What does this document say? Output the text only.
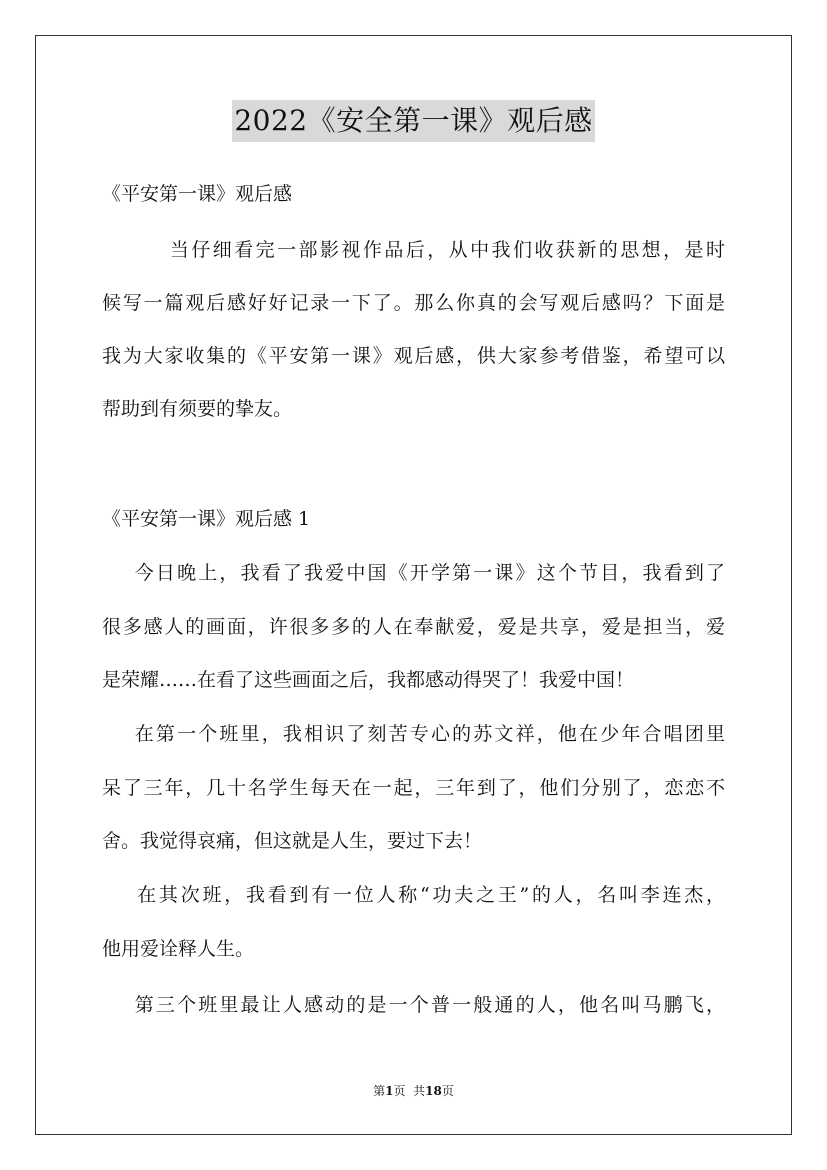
2022《安全第一课》观后感
《平安第一课》观后感
当仔细看完一部影视作品后，从中我们收获新的思想，是时
候写一篇观后感好好记录一下了。那么你真的会写观后感吗？下面是
我为大家收集的《平安第一课》观后感，供大家参考借鉴，希望可以
帮助到有须要的挚友。
《平安第一课》观后感 1
今日晚上，我看了我爱中国《开学第一课》这个节目，我看到了
很多感人的画面，许很多多的人在奉献爱，爱是共享，爱是担当，爱
是荣耀……在看了这些画面之后，我都感动得哭了！我爱中国！
在第一个班里，我相识了刻苦专心的苏文祥，他在少年合唱团里
呆了三年，几十名学生每天在一起，三年到了，他们分别了，恋恋不
舍。我觉得哀痛，但这就是人生，要过下去！
在其次班，我看到有一位人称“功夫之王”的人，名叫李连杰，
他用爱诠释人生。
第三个班里最让人感动的是一个普一般通的人，他名叫马鹏飞，
第1页  共18页
